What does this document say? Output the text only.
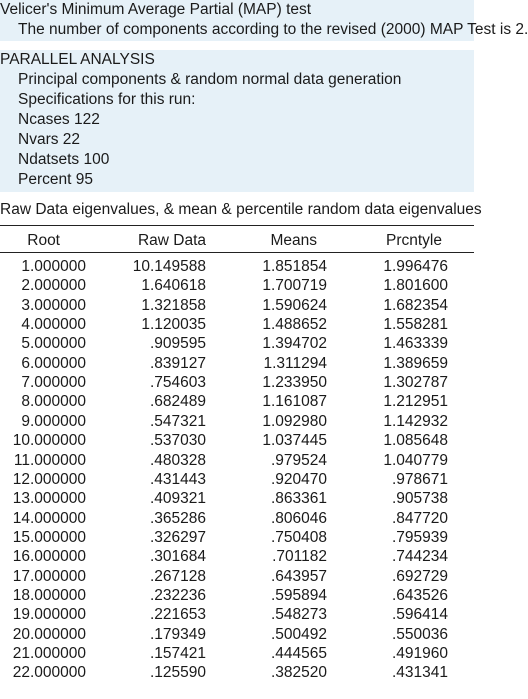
Velicer's Minimum Average Partial (MAP) test
The number of components according to the revised (2000) MAP Test is 2.
PARALLEL ANALYSIS
Principal components & random normal data generation
Specifications for this run:
Ncases 122
Nvars 22
Ndatsets 100
Percent 95
Raw Data eigenvalues, & mean & percentile random data eigenvalues
Root	Raw Data	Means	Prcntyle
1.000000	10.149588	1.851854	1.996476
2.000000	1.640618	1.700719	1.801600
3.000000	1.321858	1.590624	1.682354
4.000000	1.120035	1.488652	1.558281
5.000000	.909595	1.394702	1.463339
6.000000	.839127	1.311294	1.389659
7.000000	.754603	1.233950	1.302787
8.000000	.682489	1.161087	1.212951
9.000000	.547321	1.092980	1.142932
10.000000	.537030	1.037445	1.085648
11.000000	.480328	.979524	1.040779
12.000000	.431443	.920470	.978671
13.000000	.409321	.863361	.905738
14.000000	.365286	.806046	.847720
15.000000	.326297	.750408	.795939
16.000000	.301684	.701182	.744234
17.000000	.267128	.643957	.692729
18.000000	.232236	.595894	.643526
19.000000	.221653	.548273	.596414
20.000000	.179349	.500492	.550036
21.000000	.157421	.444565	.491960
22.000000	.125590	.382520	.431341
